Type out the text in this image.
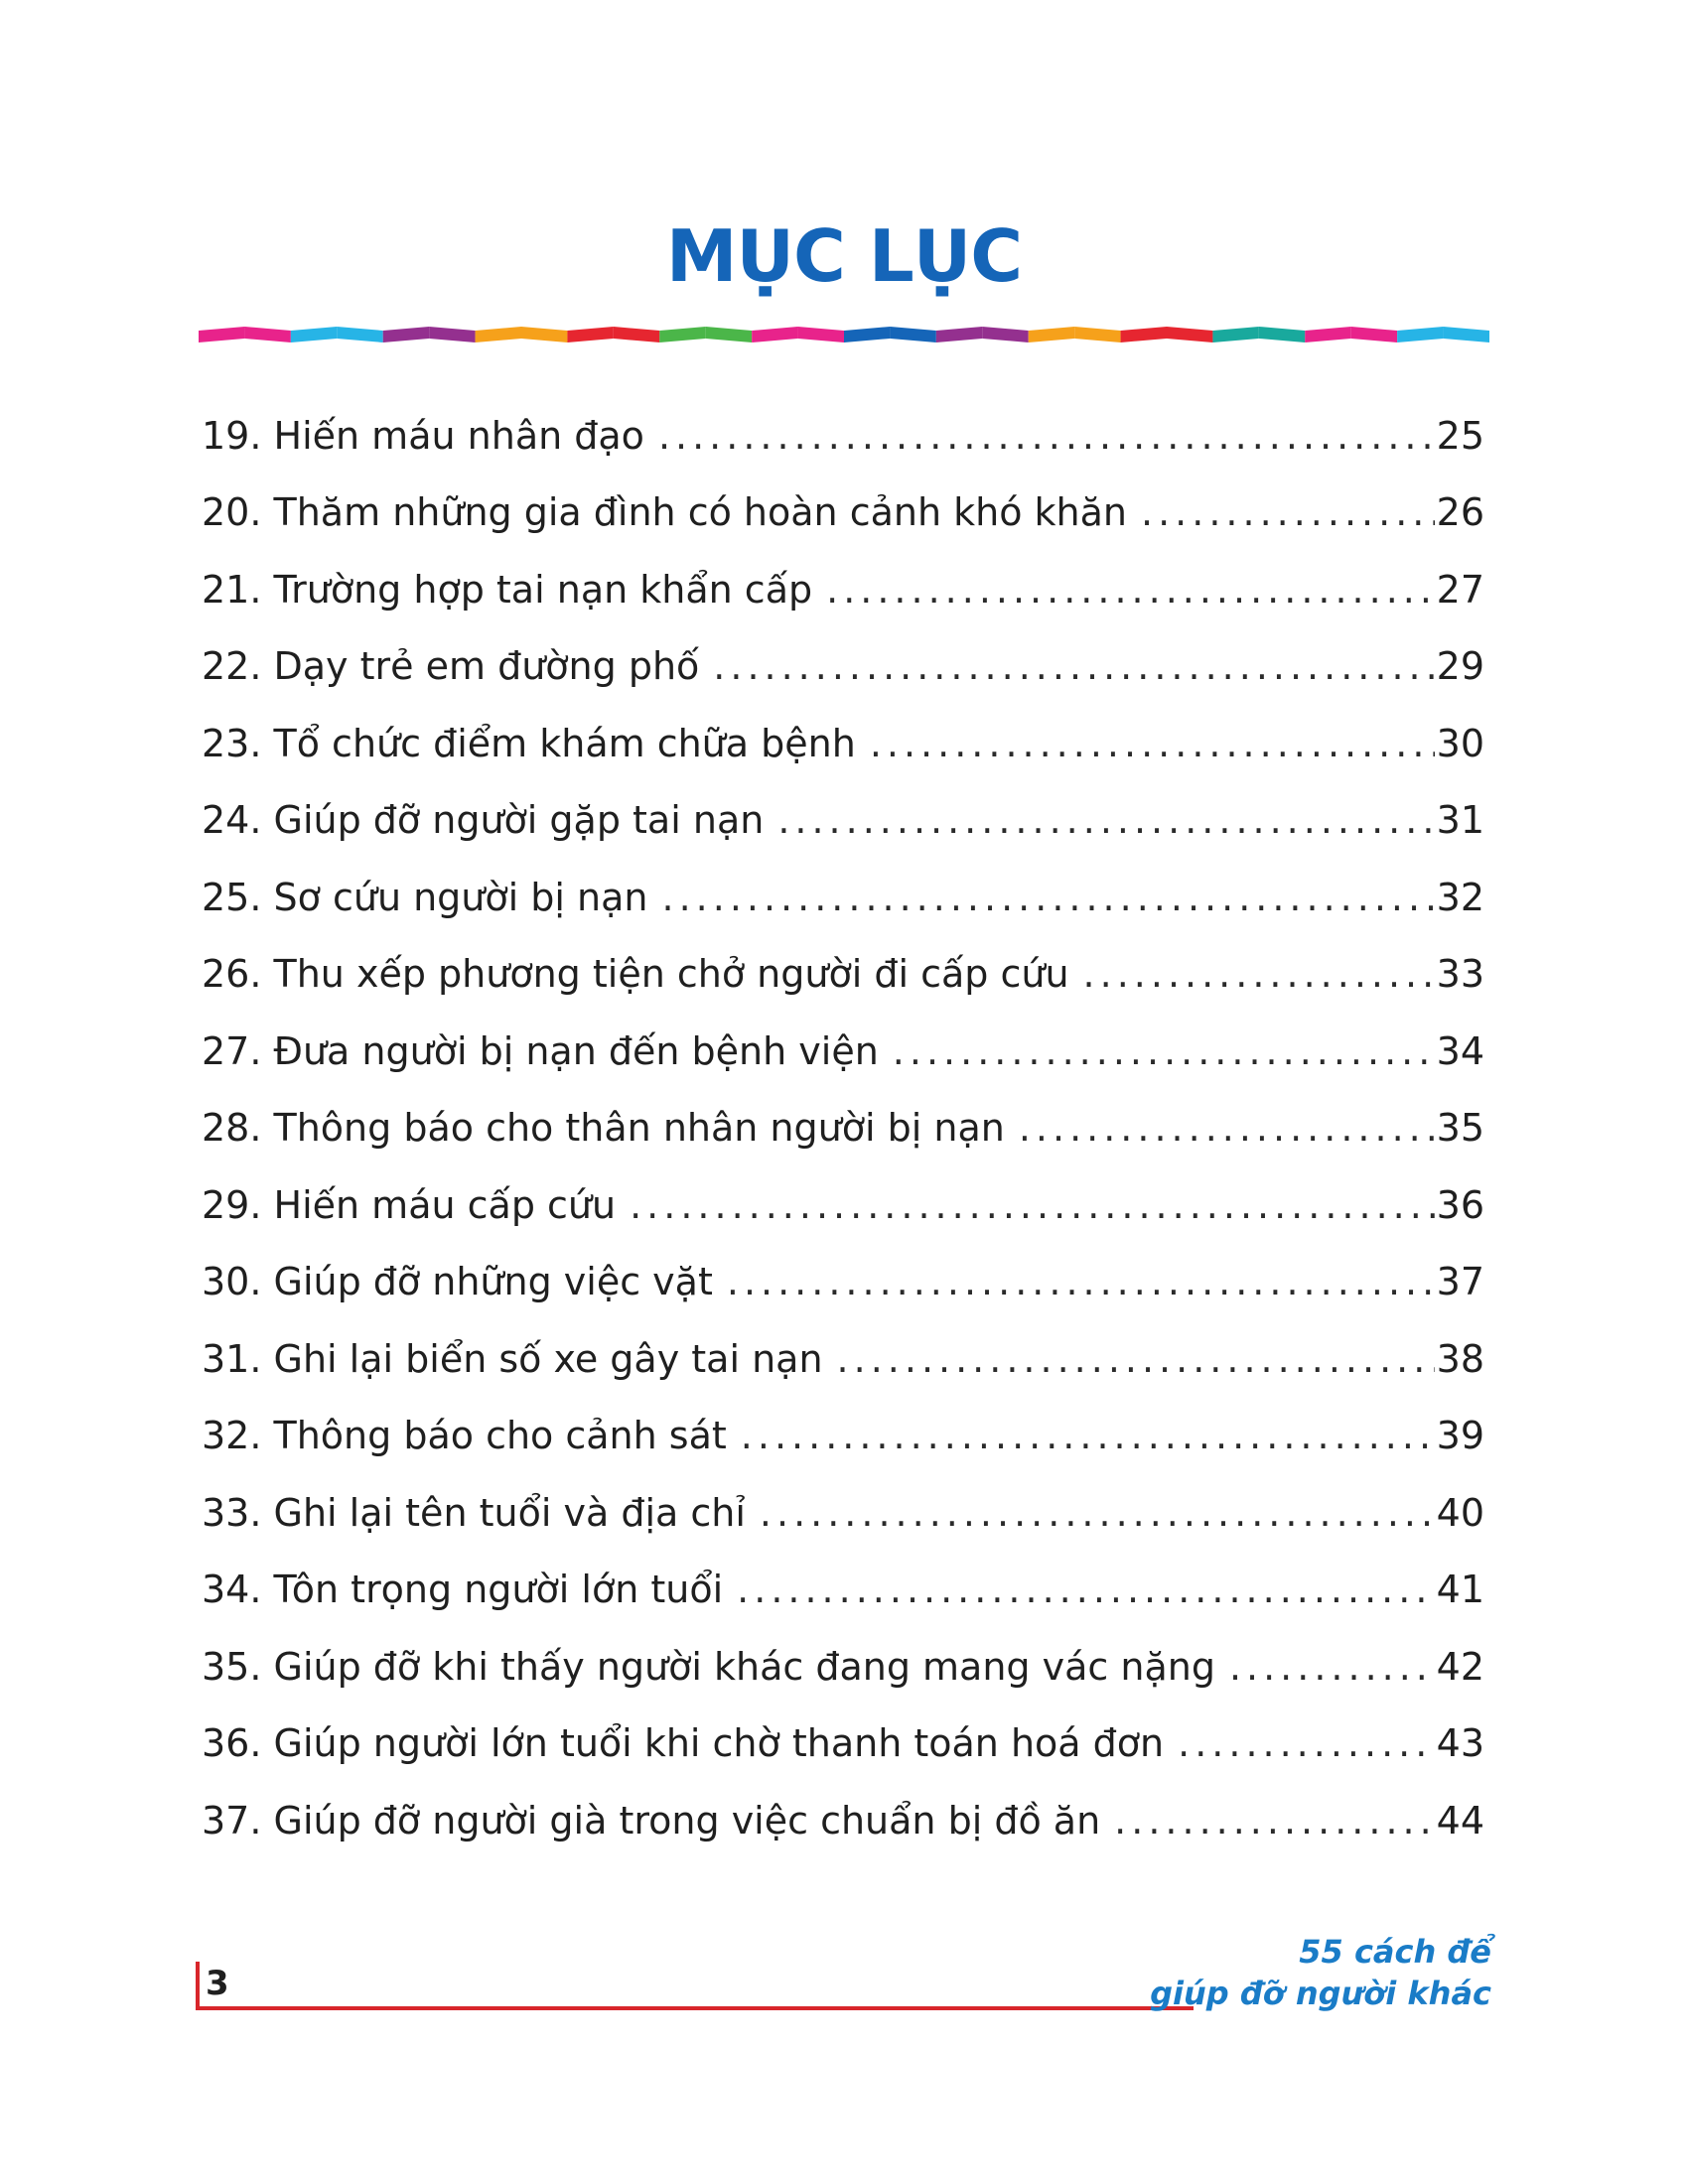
MỤC LỤC
19. Hiến máu nhân đạo .....	25
20. Thăm những gia đình có hoàn cảnh khó khăn .....	26
21. Trường hợp tai nạn khẩn cấp .....	27
22. Dạy trẻ em đường phố .....	29
23. Tổ chức điểm khám chữa bệnh .....	30
24. Giúp đỡ người gặp tai nạn .....	31
25. Sơ cứu người bị nạn .....	32
26. Thu xếp phương tiện chở người đi cấp cứu .....	33
27. Đưa người bị nạn đến bệnh viện .....	34
28. Thông báo cho thân nhân người bị nạn .....	35
29. Hiến máu cấp cứu .....	36
30. Giúp đỡ những việc vặt .....	37
31. Ghi lại biển số xe gây tai nạn .....	38
32. Thông báo cho cảnh sát .....	39
33. Ghi lại tên tuổi và địa chỉ .....	40
34. Tôn trọng người lớn tuổi .....	41
35. Giúp đỡ khi thấy người khác đang mang vác nặng .....	42
36. Giúp người lớn tuổi khi chờ thanh toán hoá đơn .....	43
37. Giúp đỡ người già trong việc chuẩn bị đồ ăn .....	44
3
55 cách để
giúp đỡ người khác
